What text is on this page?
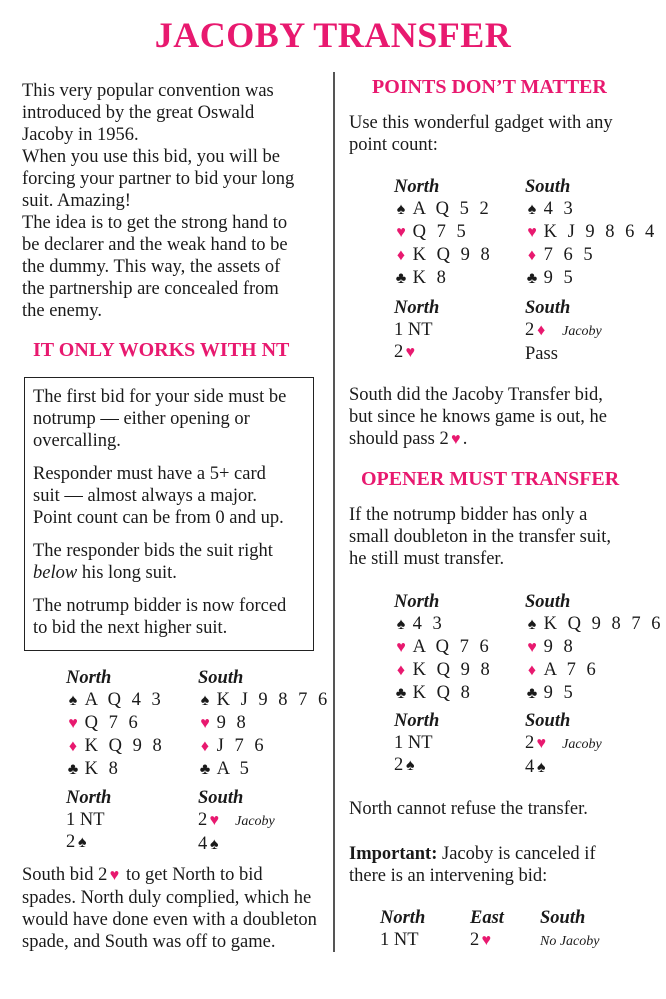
JACOBY TRANSFER
This very popular convention was
introduced by the great Oswald
Jacoby in 1956.
When you use this bid, you will be
forcing your partner to bid your long
suit. Amazing!
The idea is to get the strong hand to
be declarer and the weak hand to be
the dummy. This way, the assets of
the partnership are concealed from
the enemy.
IT ONLY WORKS WITH NT

The first bid for your side must be
notrump — either opening or
overcalling.

Responder must have a 5+ card
suit — almost always a major.
Point count can be from 0 and up.

The responder bids the suit right
below his long suit.

The notrump bidder is now forced
to bid the next higher suit.

North
♠ A Q 4 3
♥ Q 7 6
♦ K Q 9 8
♣ K 8
South
♠ K J 9 8 7 6
♥ 9 8
♦ J 7 6
♣ A 5
North
1 NT
2 ♠
South
2 ♥ Jacoby
4 ♠
South bid 2 ♥ to get North to bid
spades. North duly complied, which he
would have done even with a doubleton
spade, and South was off to game.
POINTS DON’T MATTER
Use this wonderful gadget with any
point count:
North
♠ A Q 5 2
♥ Q 7 5
♦ K Q 9 8
♣ K 8
South
♠ 4 3
♥ K J 9 8 6 4
♦ 7 6 5
♣ 9 5
North
1 NT
2 ♥
South
2 ♦ Jacoby
Pass
South did the Jacoby Transfer bid,
but since he knows game is out, he
should pass 2 ♥ .
OPENER MUST TRANSFER
If the notrump bidder has only a
small doubleton in the transfer suit,
he still must transfer.
North
♠ 4 3
♥ A Q 7 6
♦ K Q 9 8
♣ K Q 8
South
♠ K Q 9 8 7 6
♥ 9 8
♦ A 7 6
♣ 9 5
North
1 NT
2 ♠
South
2 ♥ Jacoby
4 ♠
North cannot refuse the transfer.
Important: Jacoby is canceled if
there is an intervening bid:
North
1 NT
East
2 ♥
South
No Jacoby
